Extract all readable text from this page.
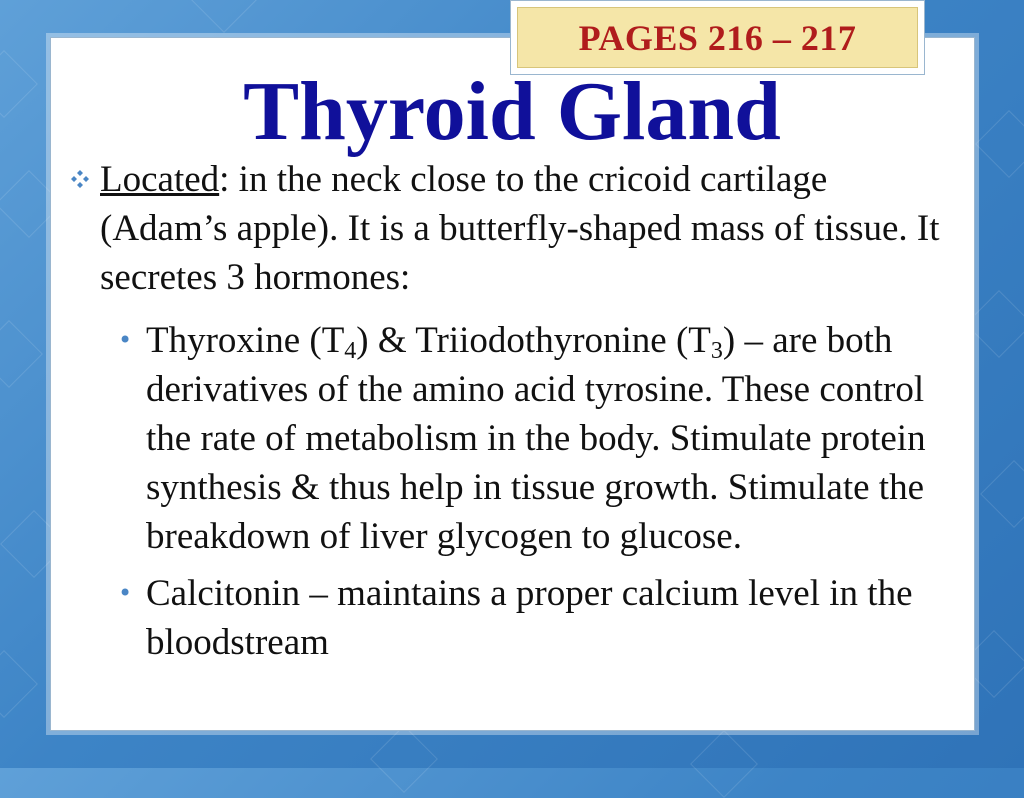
PAGES 216 – 217
Thyroid Gland

Located: in the neck close to the cricoid cartilage (Adam’s apple). It is a butterfly-shaped mass of tissue. It secretes 3 hormones:

• Thyroxine $(T_4)$ & Triiodothyronine $(T_3)$ – are both derivatives of the amino acid tyrosine. These control the rate of metabolism in the body. Stimulate protein synthesis & thus help in tissue growth. Stimulate the breakdown of liver glycogen to glucose.

• Calcitonin – maintains a proper calcium level in the bloodstream
